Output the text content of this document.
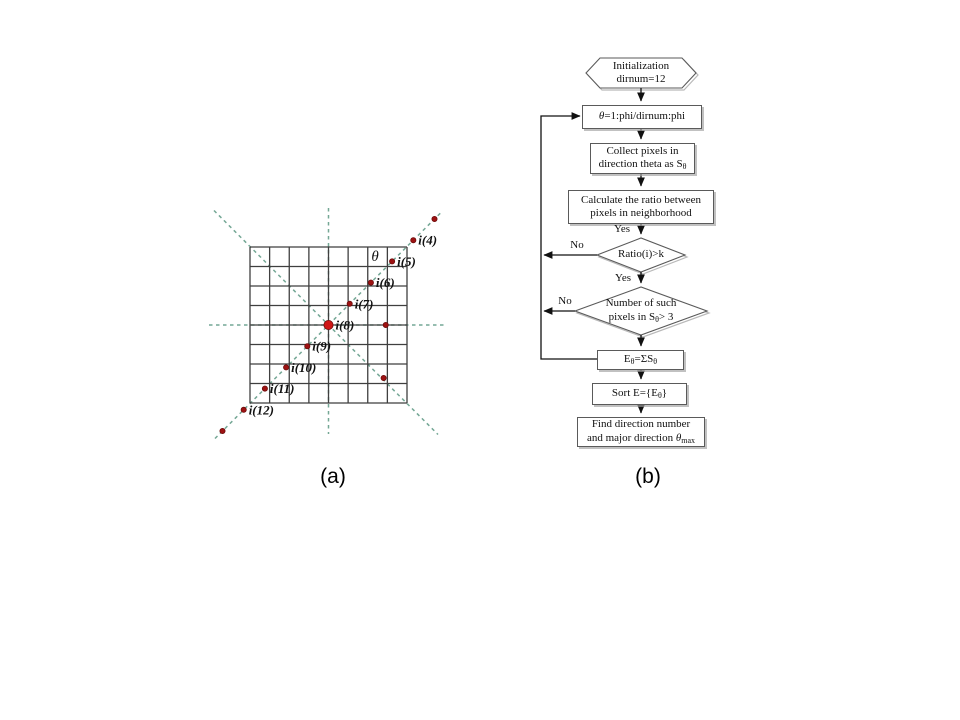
i(4)
i(5)
i(6)
i(7)
i(8)
i(9)
i(10)
i(11)
i(12)
θ
Initialization
dirnum=12
θ=1:phi/dirnum:phi
Collect pixels in
direction theta as $S_\theta$
Calculate the ratio between
pixels in neighborhood
Ratio(i)>k
Number of such
pixels in $S_\theta> 3$
$E_\theta=\Sigma S_\theta$
Sort $E=\{E_\theta\}$
Find direction number
and major direction $\theta_{max}$
Yes
No
Yes
No
(a)	(b)
